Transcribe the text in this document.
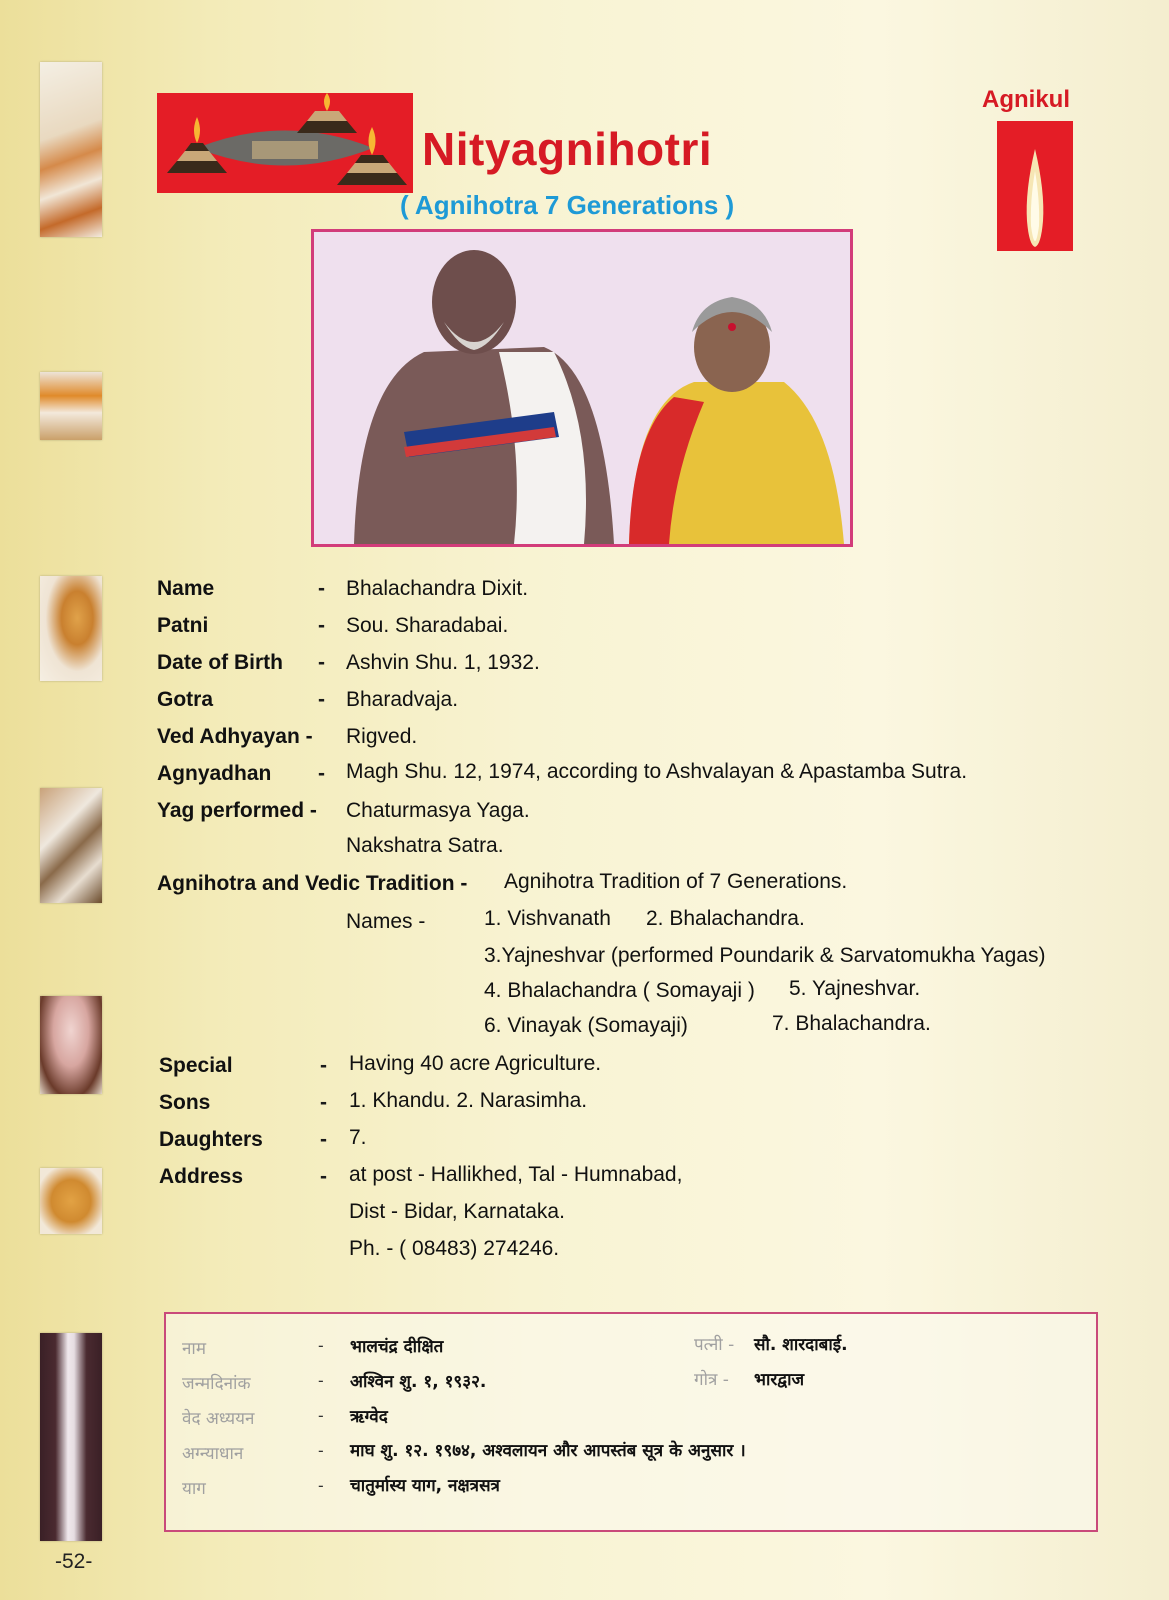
-52-
Nityagnihotri
( Agnihotra 7 Generations )
Agnikul
Name	- Bhalachandra Dixit.
Patni	- Sou. Sharadabai.
Date of Birth - Ashvin Shu. 1, 1932.
Gotra	- Bharadvaja.
Ved Adhyayan - Rigved.
Agnyadhan - Magh Shu. 12, 1974, according to Ashvalayan & Apastamba Sutra.
Yag performed - Chaturmasya Yaga.
Nakshatra Satra.
Agnihotra and Vedic Tradition - Agnihotra Tradition of 7 Generations.
Names -	1. Vishvanath 2. Bhalachandra.
3.Yajneshvar (performed Poundarik & Sarvatomukha Yagas)
4. Bhalachandra ( Somayaji ) 5. Yajneshvar.
6. Vinayak (Somayaji)	7. Bhalachandra.
Special	- Having 40 acre Agriculture.
Sons	- 1. Khandu. 2. Narasimha.
Daughters	- 7.
Address	- at post - Hallikhed, Tal - Humnabad,
Dist - Bidar, Karnataka.
Ph. - ( 08483) 274246.
नाम	- भालचंद्र दीक्षित	पत्नी - सौ. शारदाबाई.
जन्मदिनांक	- अश्विन शु. १, १९३२.	गोत्र - भारद्वाज
वेद अध्ययन	- ऋग्वेद
अग्न्याधान	- माघ शु. १२. १९७४, अश्वलायन और आपस्तंब सूत्र के अनुसार ।
याग	- चातुर्मास्य याग, नक्षत्रसत्र
